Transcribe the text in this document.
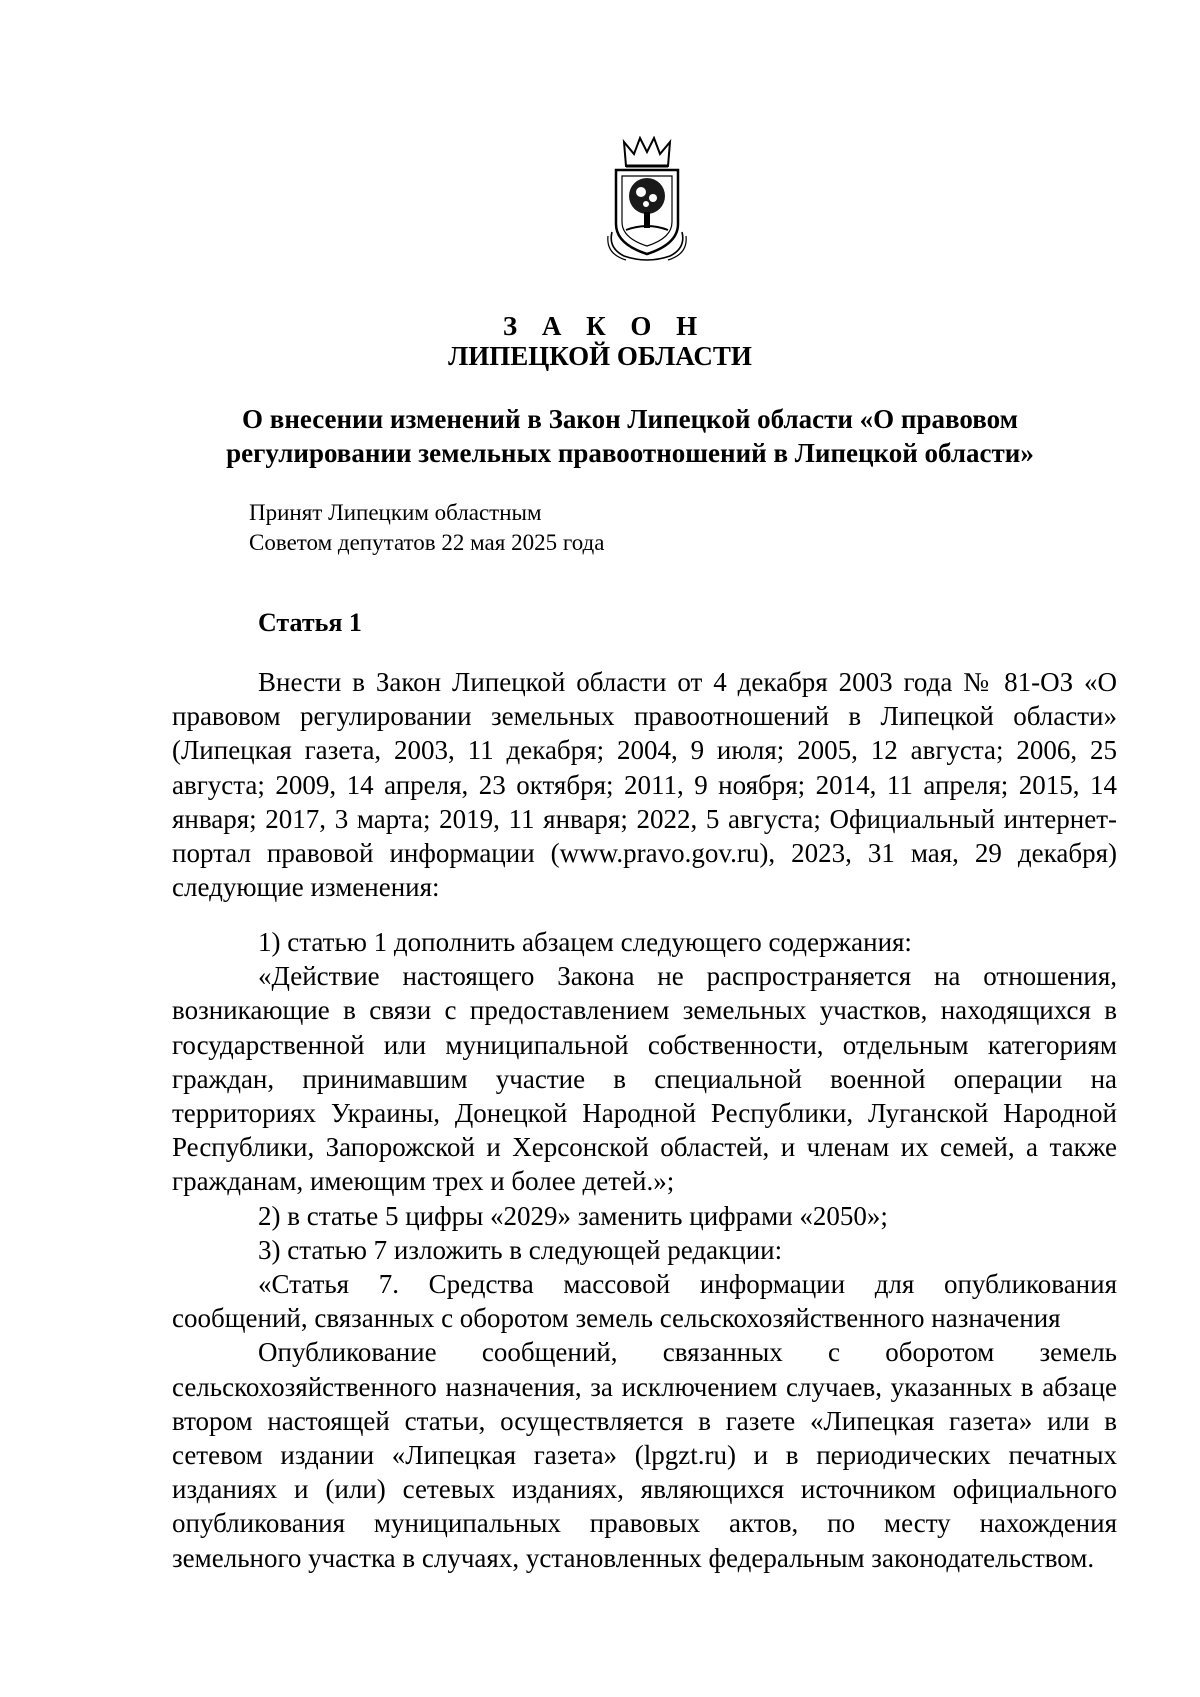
З А К О Н
ЛИПЕЦКОЙ ОБЛАСТИ
О внесении изменений в Закон Липецкой области «О правовом
регулировании земельных правоотношений в Липецкой области»
Принят Липецким областным
Советом депутатов 22 мая 2025 года
Статья 1

Внести в Закон Липецкой области от 4 декабря 2003 года № 81-ОЗ «О правовом регулировании земельных правоотношений в Липецкой области» (Липецкая газета, 2003, 11 декабря; 2004, 9 июля; 2005, 12 августа; 2006, 25 августа; 2009, 14 апреля, 23 октября; 2011, 9 ноября; 2014, 11 апреля; 2015, 14 января; 2017, 3 марта; 2019, 11 января; 2022, 5 августа; Официальный интернет-портал правовой информации (www.pravo.gov.ru), 2023, 31 мая, 29 декабря) следующие изменения:

1) статью 1 дополнить абзацем следующего содержания:

«Действие настоящего Закона не распространяется на отношения, возникающие в связи с предоставлением земельных участков, находящихся в государственной или муниципальной собственности, отдельным категориям граждан, принимавшим участие в специальной военной операции на территориях Украины, Донецкой Народной Республики, Луганской Народной Республики, Запорожской и Херсонской областей, и членам их семей, а также гражданам, имеющим трех и более детей.»;

2) в статье 5 цифры «2029» заменить цифрами «2050»;

3) статью 7 изложить в следующей редакции:

«Статья 7. Средства массовой информации для опубликования сообщений, связанных с оборотом земель сельскохозяйственного назначения

Опубликование сообщений, связанных с оборотом земель сельскохозяйственного назначения, за исключением случаев, указанных в абзаце втором настоящей статьи, осуществляется в газете «Липецкая газета» или в сетевом издании «Липецкая газета» (lpgzt.ru) и в периодических печатных изданиях и (или) сетевых изданиях, являющихся источником официального опубликования муниципальных правовых актов, по месту нахождения земельного участка в случаях, установленных федеральным законодательством.
